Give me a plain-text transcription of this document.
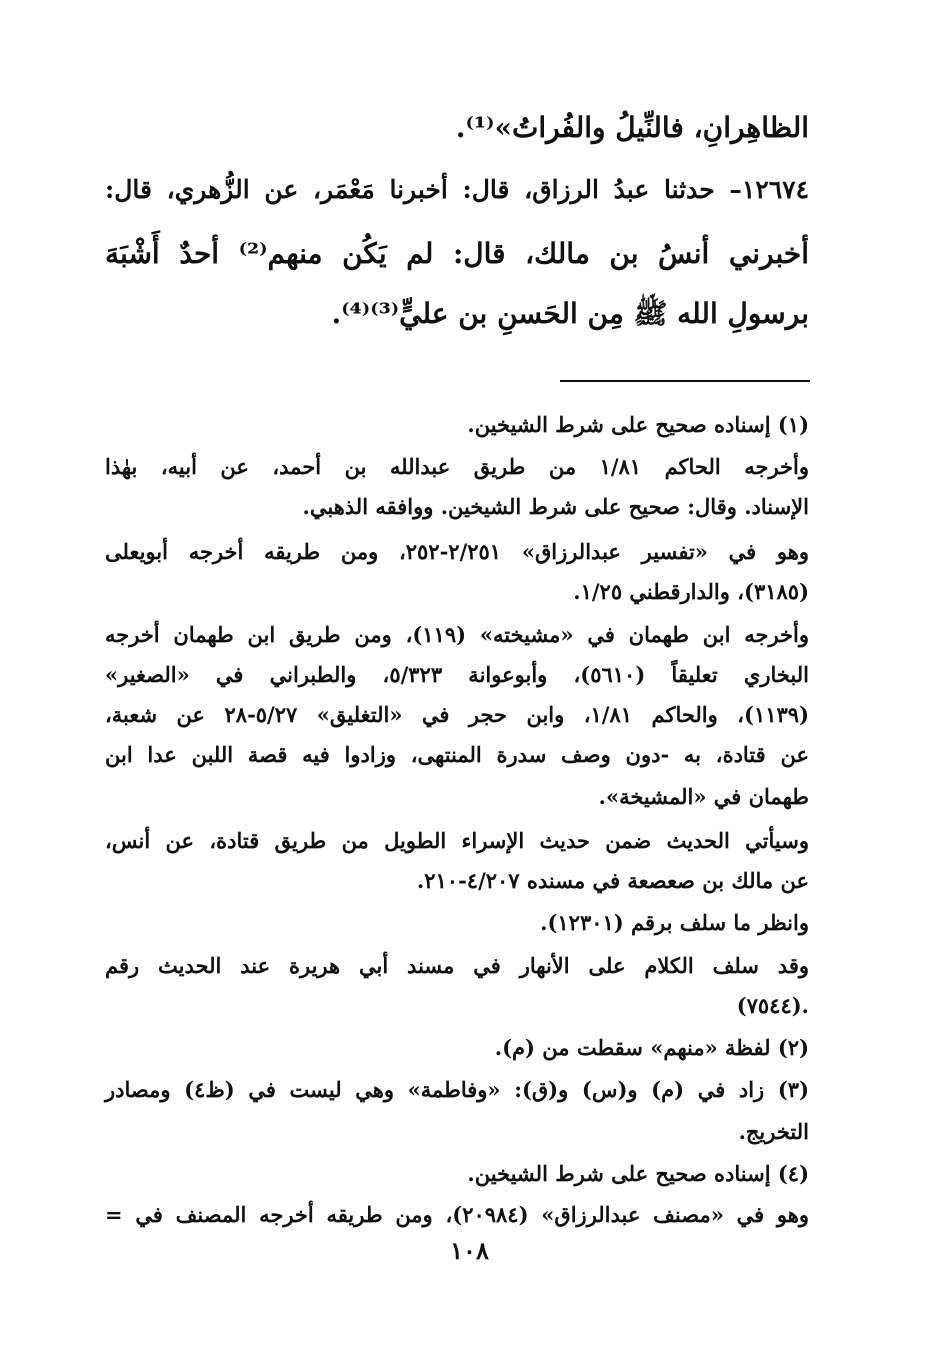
الظاهِرانِ، فالنِّيلُ والفُراتُ»⁽¹⁾.
١٢٦٧٤– حدثنا عبدُ الرزاق، قال: أخبرنا مَعْمَر، عن الزُّهري، قال:
أخبرني أنسُ بن مالك، قال: لم يَكُن منهم⁽²⁾ أحدٌ أَشْبَهَ
برسولِ الله ﷺ مِن الحَسنِ بن عليٍّ⁽³⁾⁽⁴⁾.
(١) إسناده صحيح على شرط الشيخين.
وأخرجه الحاكم ١/٨١ من طريق عبدالله بن أحمد، عن أبيه، بهٰذا
الإسناد. وقال: صحيح على شرط الشيخين. ووافقه الذهبي.
وهو في «تفسير عبدالرزاق» ٢/٢٥١-٢٥٢، ومن طريقه أخرجه أبويعلى
(٣١٨٥)، والدارقطني ١/٢٥.
وأخرجه ابن طهمان في «مشيخته» (١١٩)، ومن طريق ابن طهمان أخرجه
البخاري تعليقاً (٥٦١٠)، وأبوعوانة ٥/٣٢٣، والطبراني في «الصغير»
(١١٣٩)، والحاكم ١/٨١، وابن حجر في «التغليق» ٥/٢٧-٢٨ عن شعبة،
عن قتادة، به -دون وصف سدرة المنتهى، وزادوا فيه قصة اللبن عدا ابن
طهمان في «المشيخة».
وسيأتي الحديث ضمن حديث الإسراء الطويل من طريق قتادة، عن أنس،
عن مالك بن صعصعة في مسنده ٤/٢٠٧-٢١٠.
وانظر ما سلف برقم (١٢٣٠١).
وقد سلف الكلام على الأنهار في مسند أبي هريرة عند الحديث رقم
(٧٥٤٤).
(٢) لفظة «منهم» سقطت من (م).
(٣) زاد في (م) و(س) و(ق): «وفاطمة» وهي ليست في (ظ٤) ومصادر
التخريج.
(٤) إسناده صحيح على شرط الشيخين.
وهو في «مصنف عبدالرزاق» (٢٠٩٨٤)، ومن طريقه أخرجه المصنف في =
١٠٨
